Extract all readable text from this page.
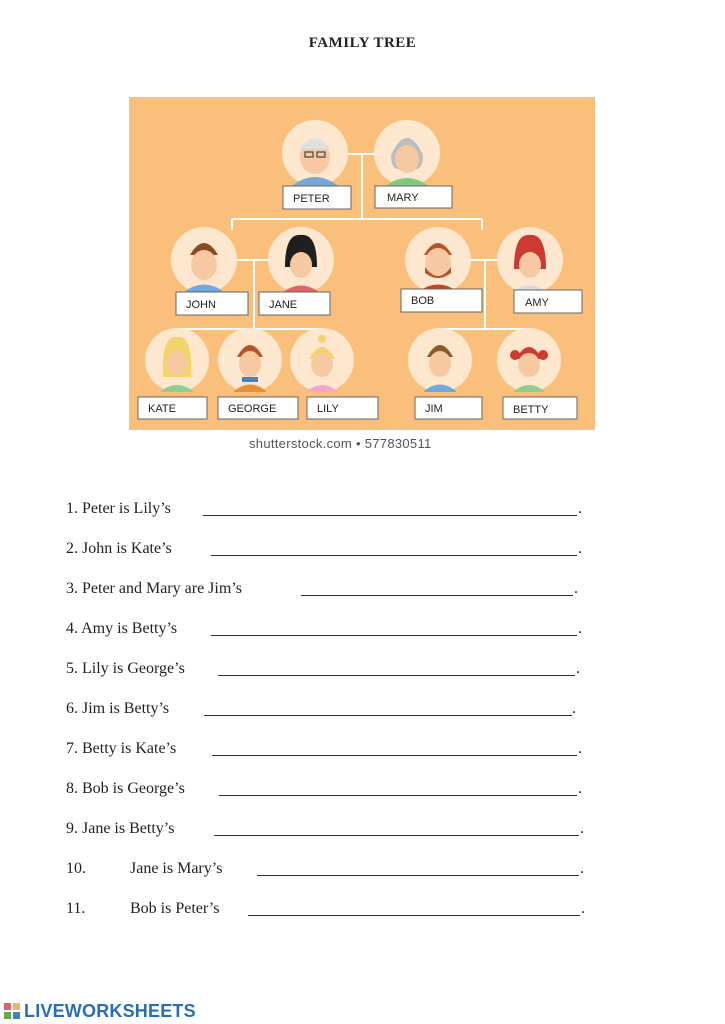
FAMILY TREE
PETER	MARY
JOHN	JANE	BOB	AMY
KATE	GEORGE	LILY	JIM	BETTY
shutterstock.com • 577830511
1. Peter is Lily’s	.
2. John is Kate’s	.
3. Peter and Mary are Jim’s	.
4. Amy is Betty’s	.
5. Lily is George’s	.
6. Jim is Betty’s	.
7. Betty is Kate’s	.
8. Bob is George’s	.
9. Jane is Betty’s	.
10.	Jane is Mary’s	.
11.	Bob is Peter’s	.
LIVEWORKSHEETS
